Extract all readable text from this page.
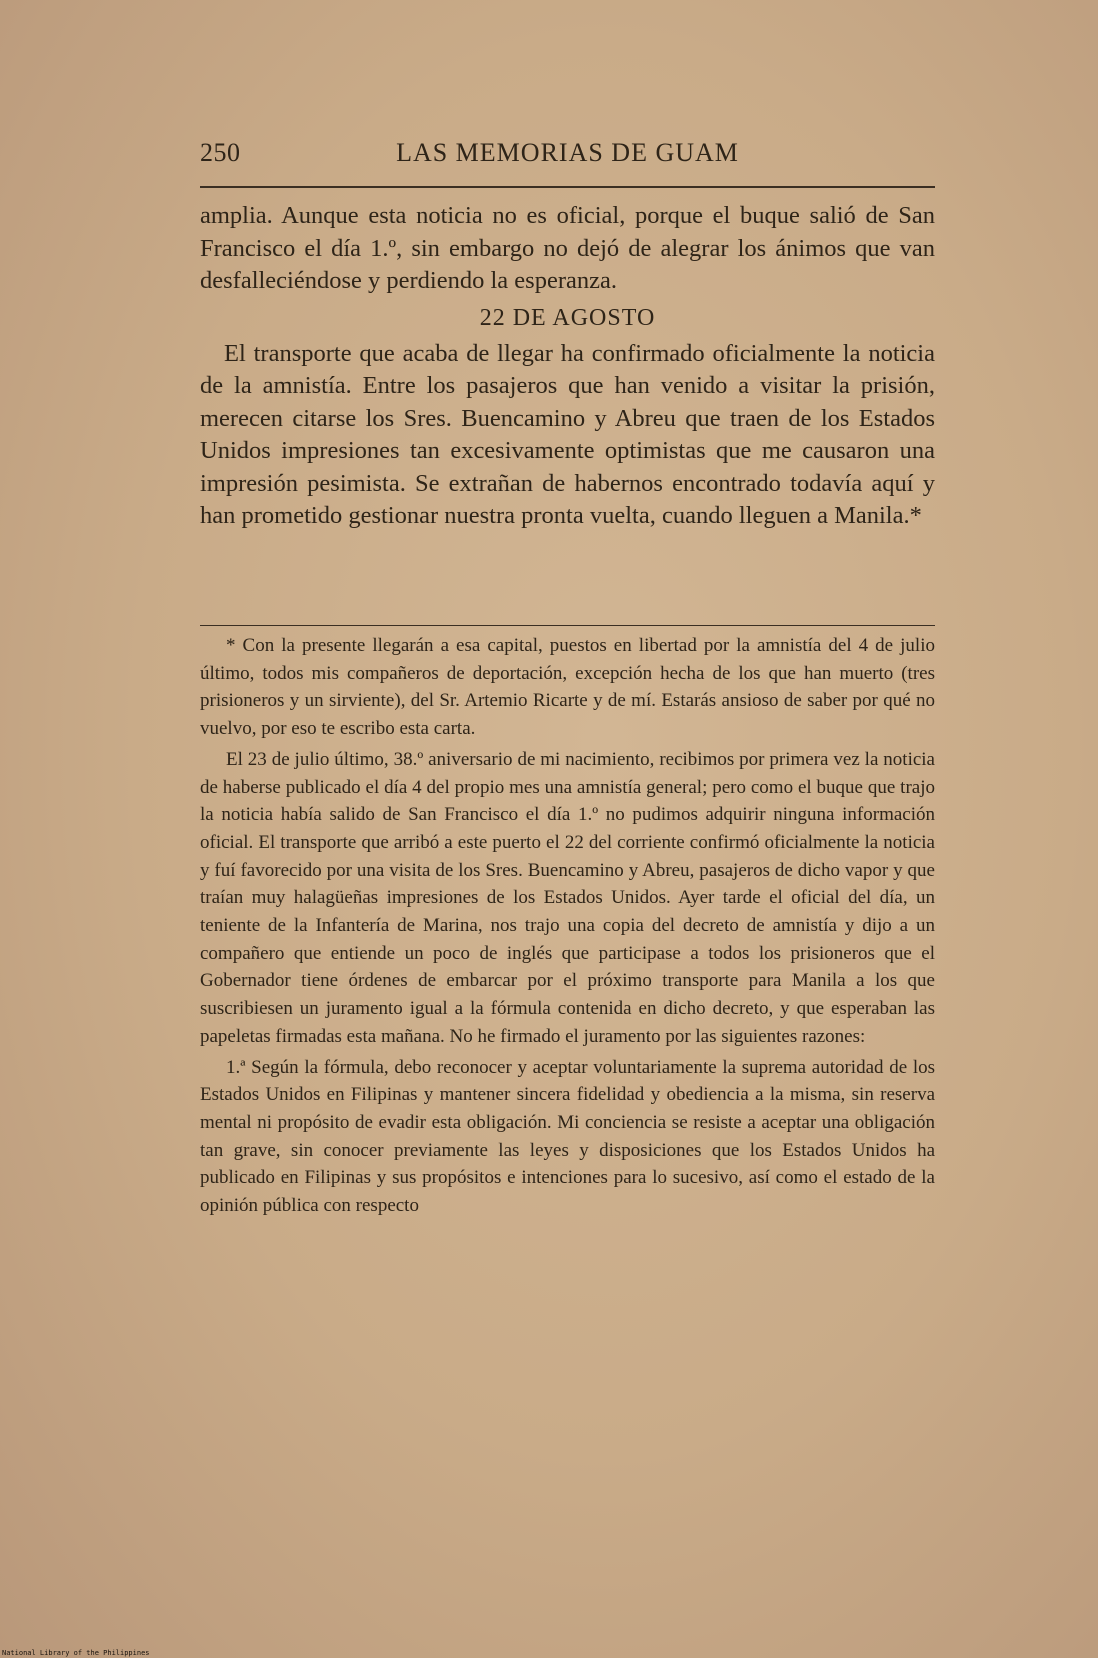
250	LAS MEMORIAS DE GUAM

amplia. Aunque esta noticia no es oficial, porque el buque salió de San Francisco el día 1.º, sin embargo no dejó de alegrar los ánimos que van desfalleciéndose y perdiendo la esperanza.

22 DE AGOSTO

El transporte que acaba de llegar ha confirmado oficialmente la noticia de la amnistía. Entre los pasajeros que han venido a visitar la prisión, merecen citarse los Sres. Buencamino y Abreu que traen de los Estados Unidos impresiones tan excesivamente optimistas que me causaron una impresión pesimista. Se extrañan de habernos encontrado todavía aquí y han prometido gestionar nuestra pronta vuelta, cuando lleguen a Manila.*

* Con la presente llegarán a esa capital, puestos en libertad por la amnistía del 4 de julio último, todos mis compañeros de deportación, excepción hecha de los que han muerto (tres prisioneros y un sirviente), del Sr. Artemio Ricarte y de mí. Estarás ansioso de saber por qué no vuelvo, por eso te escribo esta carta.

El 23 de julio último, 38.º aniversario de mi nacimiento, recibimos por primera vez la noticia de haberse publicado el día 4 del propio mes una amnistía general; pero como el buque que trajo la noticia había salido de San Francisco el día 1.º no pudimos adquirir ninguna información oficial. El transporte que arribó a este puerto el 22 del corriente confirmó oficialmente la noticia y fuí favorecido por una visita de los Sres. Buencamino y Abreu, pasajeros de dicho vapor y que traían muy halagüeñas impresiones de los Estados Unidos. Ayer tarde el oficial del día, un teniente de la Infantería de Marina, nos trajo una copia del decreto de amnistía y dijo a un compañero que entiende un poco de inglés que participase a todos los prisioneros que el Gobernador tiene órdenes de embarcar por el próximo transporte para Manila a los que suscribiesen un juramento igual a la fórmula contenida en dicho decreto, y que esperaban las papeletas firmadas esta mañana. No he firmado el juramento por las siguientes razones:

1.ª Según la fórmula, debo reconocer y aceptar voluntariamente la suprema autoridad de los Estados Unidos en Filipinas y mantener sincera fidelidad y obediencia a la misma, sin reserva mental ni propósito de evadir esta obligación. Mi conciencia se resiste a aceptar una obligación tan grave, sin conocer previamente las leyes y disposiciones que los Estados Unidos ha publicado en Filipinas y sus propósitos e intenciones para lo sucesivo, así como el estado de la opinión pública con respecto

National Library of the Philippines
